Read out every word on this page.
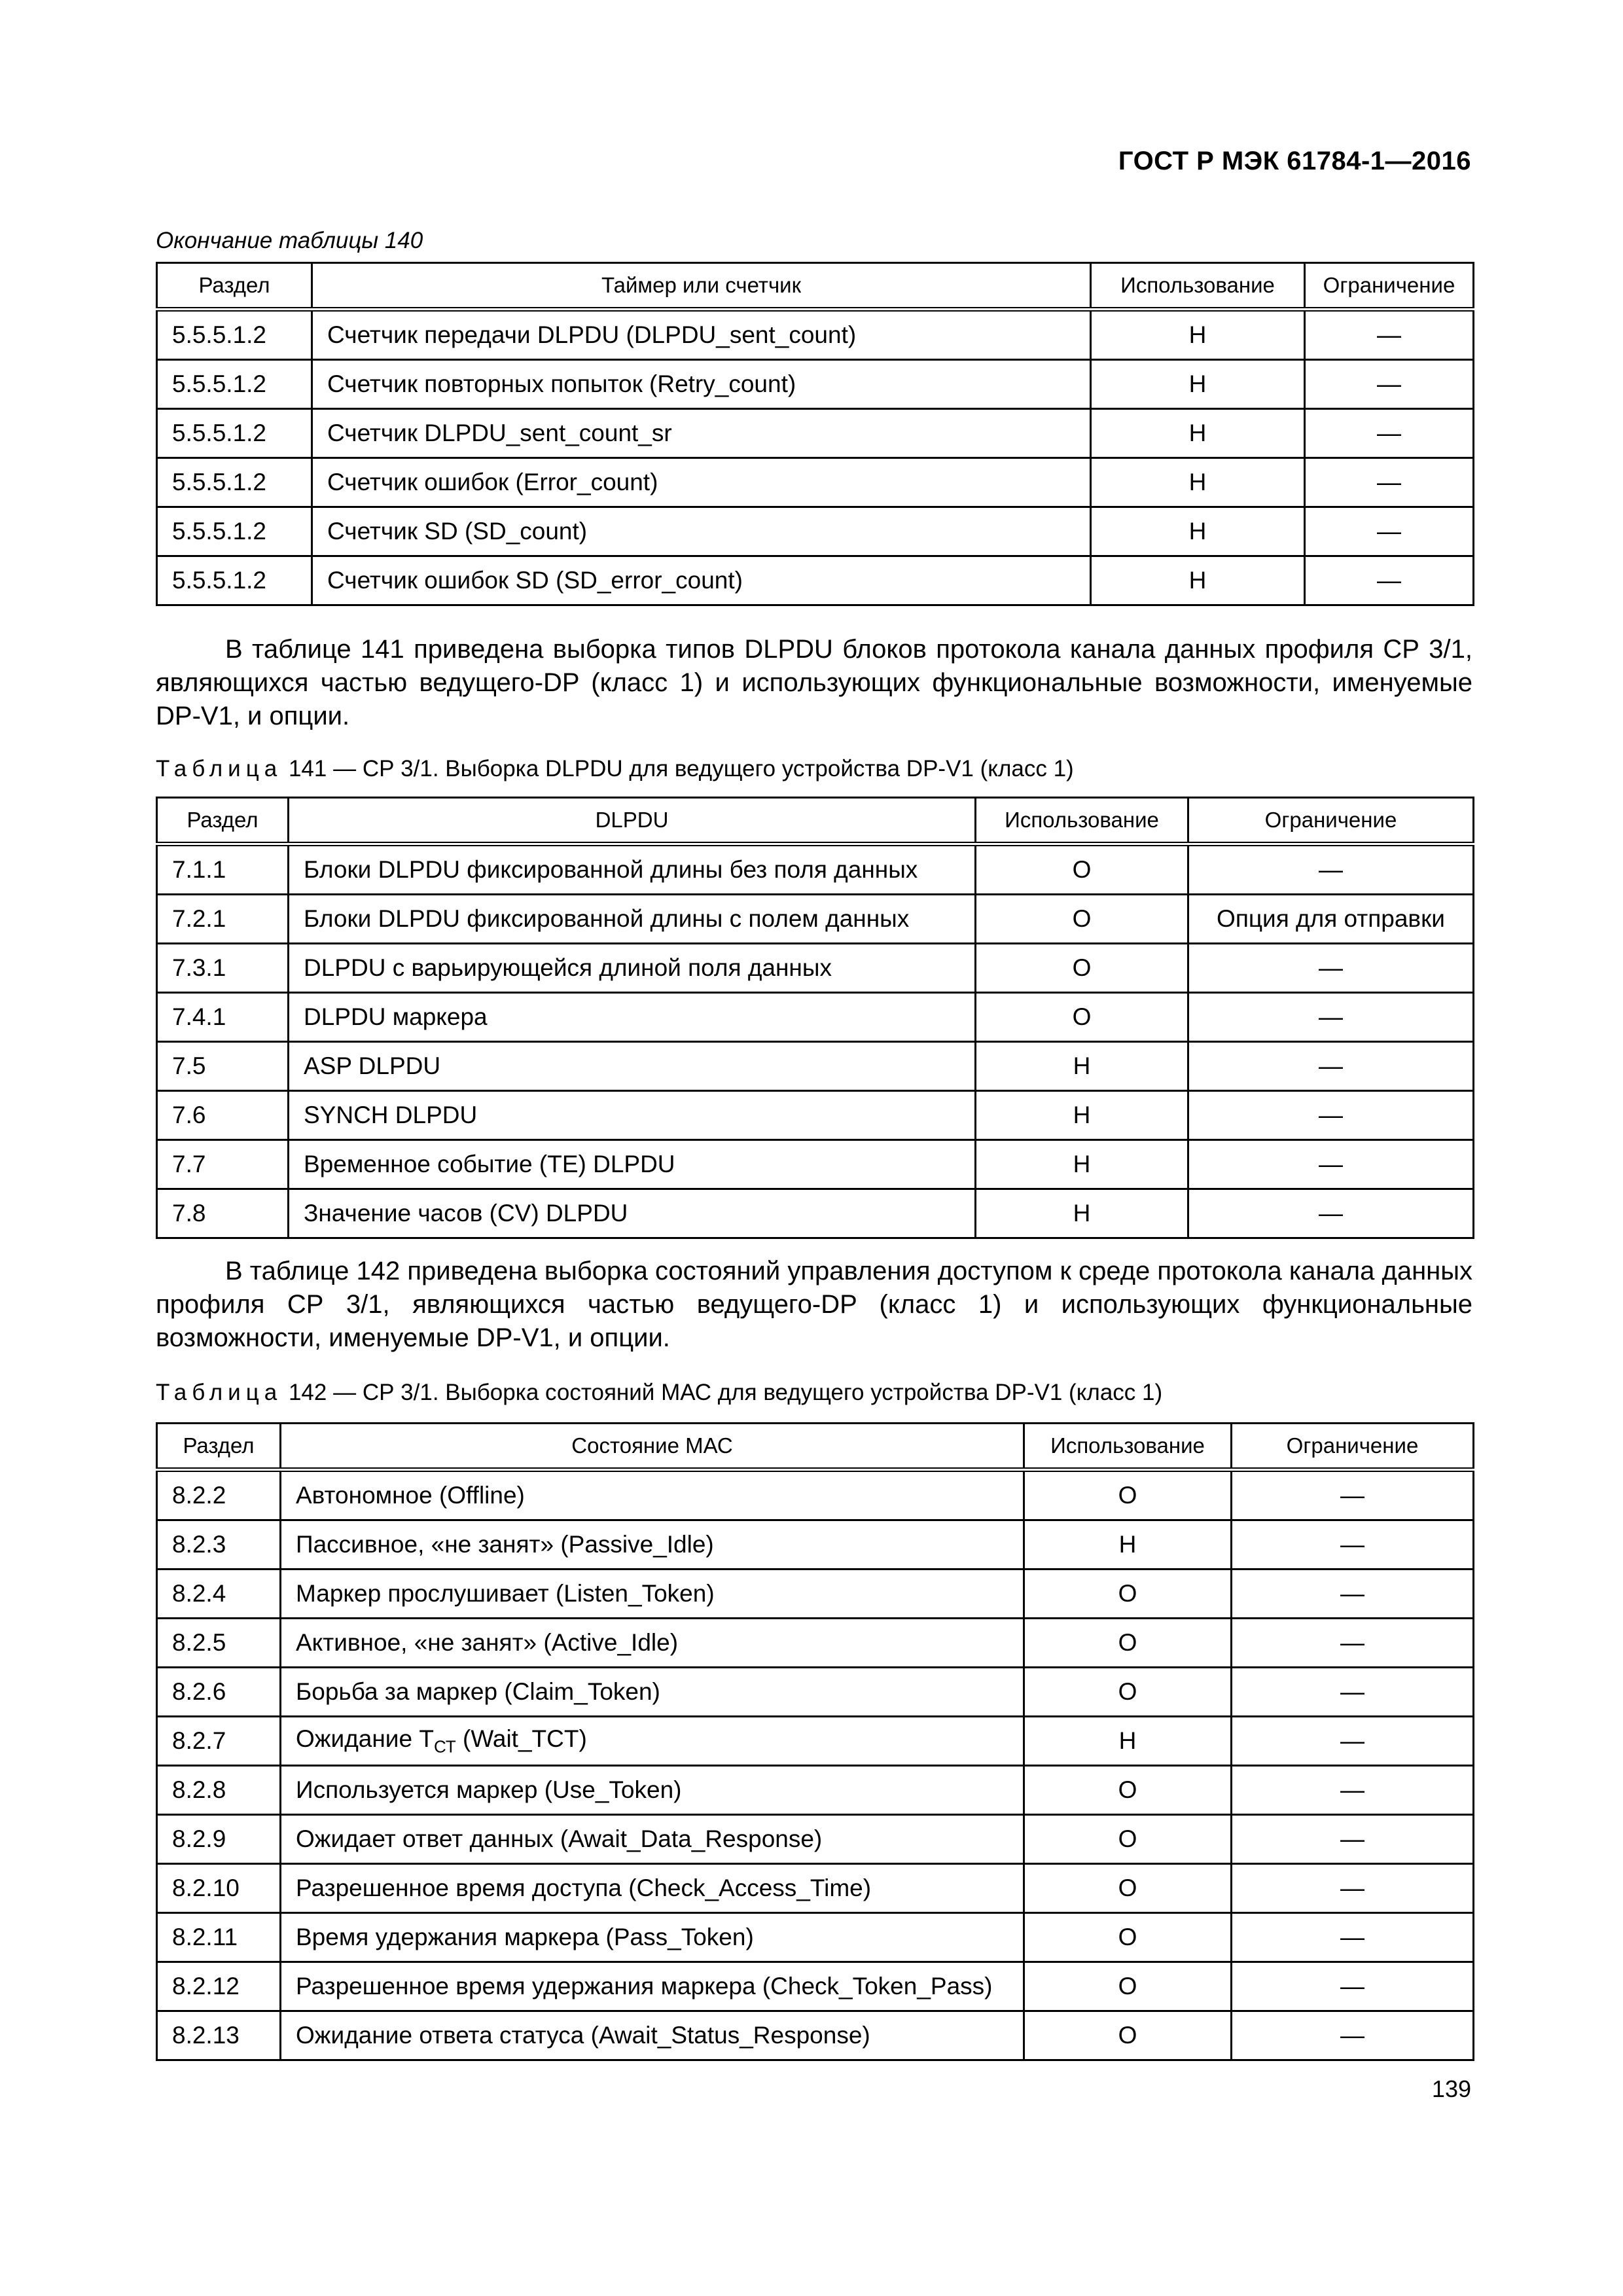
ГОСТ Р МЭК 61784-1—2016
Окончание таблицы 140
Раздел	Таймер или счетчик	Использование	Ограничение
5.5.5.1.2	Счетчик передачи DLPDU (DLPDU_sent_count)	Н	—
5.5.5.1.2	Счетчик повторных попыток (Retry_count)	Н	—
5.5.5.1.2	Счетчик DLPDU_sent_count_sr	Н	—
5.5.5.1.2	Счетчик ошибок (Error_count)	Н	—
5.5.5.1.2	Счетчик SD (SD_count)	Н	—
5.5.5.1.2	Счетчик ошибок SD (SD_error_count)	Н	—
В таблице 141 приведена выборка типов DLPDU блоков протокола канала данных профиля СР 3/1, являющихся частью ведущего-DP (класс 1) и использующих функциональные возможности, именуемые DP-V1, и опции.
Таблица 141 — СР 3/1. Выборка DLPDU для ведущего устройства DP-V1 (класс 1)
Раздел	DLPDU	Использование	Ограничение
7.1.1	Блоки DLPDU фиксированной длины без поля данных	О	—
7.2.1	Блоки DLPDU фиксированной длины с полем данных	О	Опция для отправки
7.3.1	DLPDU с варьирующейся длиной поля данных	О	—
7.4.1	DLPDU маркера	О	—
7.5	ASP DLPDU	Н	—
7.6	SYNCH DLPDU	Н	—
7.7	Временное событие (ТЕ) DLPDU	Н	—
7.8	Значение часов (CV) DLPDU	Н	—
В таблице 142 приведена выборка состояний управления доступом к среде протокола канала данных профиля СР 3/1, являющихся частью ведущего-DP (класс 1) и использующих функциональные возможности, именуемые DP-V1, и опции.
Таблица 142 — СР 3/1. Выборка состояний МАС для ведущего устройства DP-V1 (класс 1)
Раздел	Состояние МАС	Использование	Ограничение
8.2.2	Автономное (Offline)	О	—
8.2.3	Пассивное, «не занят» (Passive_Idle)	Н	—
8.2.4	Маркер прослушивает (Listen_Token)	О	—
8.2.5	Активное, «не занят» (Active_Idle)	О	—
8.2.6	Борьба за маркер (Claim_Token)	О	—
8.2.7	Ожидание $Т_{СТ}$ (Wait_TCT)	Н	—
8.2.8	Используется маркер (Use_Token)	О	—
8.2.9	Ожидает ответ данных (Await_Data_Response)	О	—
8.2.10	Разрешенное время доступа (Check_Access_Time)	О	—
8.2.11	Время удержания маркера (Pass_Token)	О	—
8.2.12	Разрешенное время удержания маркера (Check_Token_Pass)	О	—
8.2.13	Ожидание ответа статуса (Await_Status_Response)	О	—
139
